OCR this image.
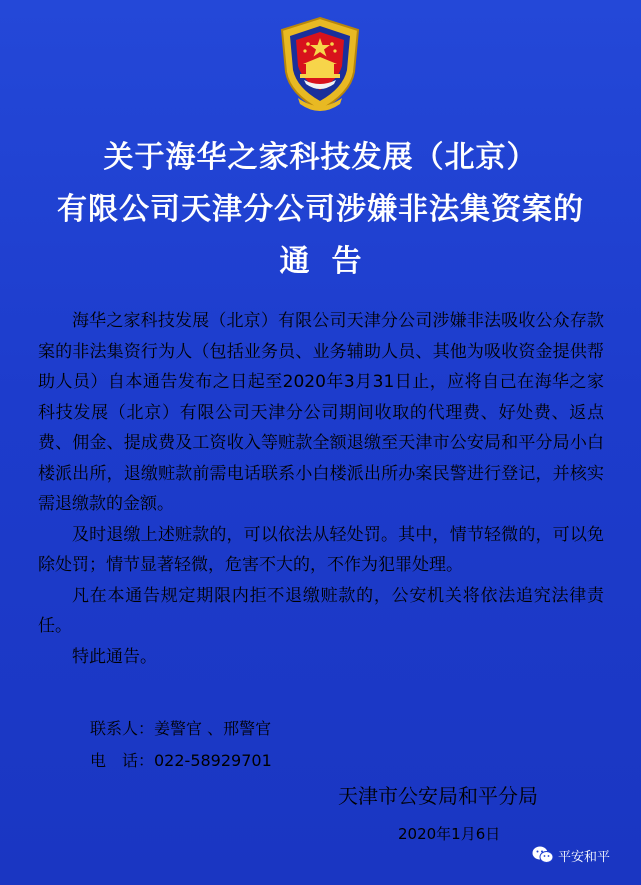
关于海华之家科技发展（北京）
有限公司天津分公司涉嫌非法集资案的
通告

海华之家科技发展（北京）有限公司天津分公司涉嫌非法吸收公众存款案的非法集资行为人（包括业务员、业务辅助人员、其他为吸收资金提供帮助人员）自本通告发布之日起至2020年3月31日止，应将自己在海华之家科技发展（北京）有限公司天津分公司期间收取的代理费、好处费、返点费、佣金、提成费及工资收入等赃款全额退缴至天津市公安局和平分局小白楼派出所，退缴赃款前需电话联系小白楼派出所办案民警进行登记，并核实需退缴款的金额。

及时退缴上述赃款的，可以依法从轻处罚。其中，情节轻微的，可以免除处罚；情节显著轻微，危害不大的，不作为犯罪处理。

凡在本通告规定期限内拒不退缴赃款的，公安机关将依法追究法律责任。

特此通告。

联系人：姜警官 、邢警官
电　话：022-58929701
天津市公安局和平分局
2020年1月6日
平安和平
